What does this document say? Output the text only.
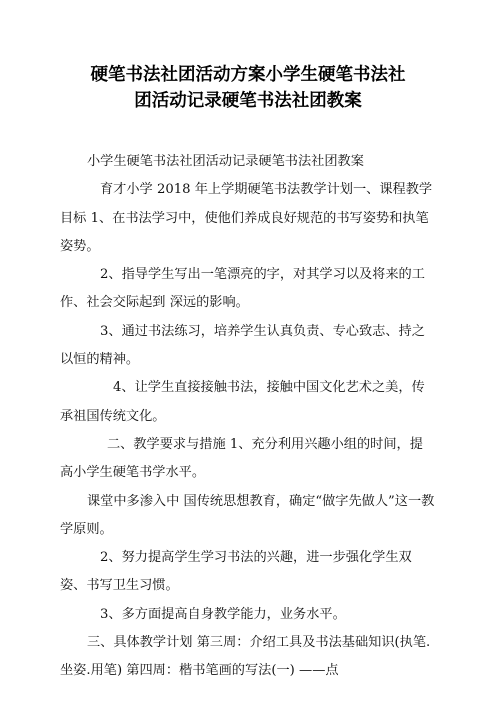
硬笔书法社团活动方案小学生硬笔书法社
团活动记录硬笔书法社团教案

小学生硬笔书法社团活动记录硬笔书法社团教案

育才小学 2018 年上学期硬笔书法教学计划一、课程教学目标 1、在书法学习中，使他们养成良好规范的书写姿势和执笔姿势。

2、指导学生写出一笔漂亮的字，对其学习以及将来的工作、社会交际起到 深远的影响。

3、通过书法练习，培养学生认真负责、专心致志、持之以恒的精神。

4、让学生直接接触书法，接触中国文化艺术之美，传承祖国传统文化。

二、教学要求与措施 1、充分利用兴趣小组的时间，提高小学生硬笔书学水平。

课堂中多渗入中 国传统思想教育，确定“做字先做人”这一教学原则。

2、努力提高学生学习书法的兴趣，进一步强化学生双姿、书写卫生习惯。

3、多方面提高自身教学能力，业务水平。

三、具体教学计划 第三周：介绍工具及书法基础知识(执笔.坐姿.用笔) 第四周：楷书笔画的写法(一) ——点
